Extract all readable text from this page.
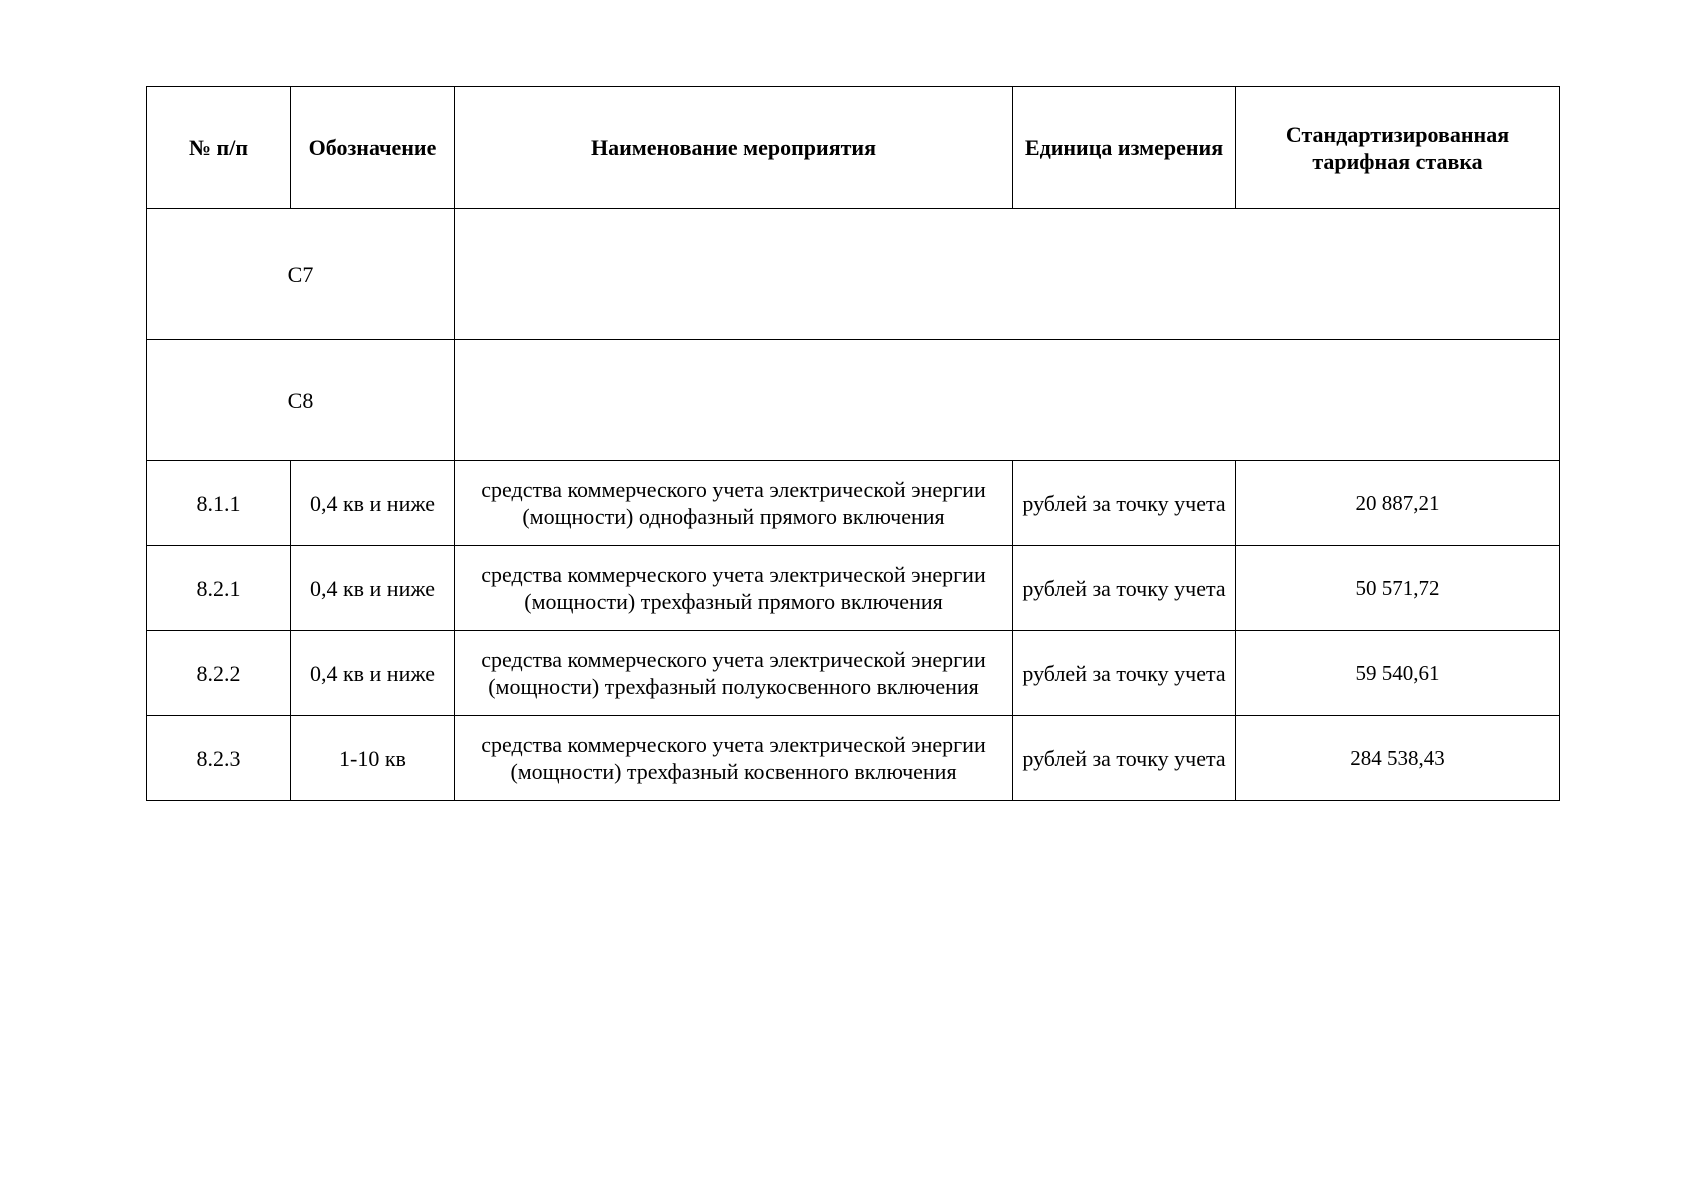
№ п/п	Обозначение	Наименование мероприятия	Единица измерения	Стандартизированная тарифная ставка
С7				
С8				
8.1.1	0,4 кв и ниже	средства коммерческого учета электрической энергии (мощности) однофазный прямого включения	рублей за точку учета	20 887,21
8.2.1	0,4 кв и ниже	средства коммерческого учета электрической энергии (мощности) трехфазный прямого включения	рублей за точку учета	50 571,72
8.2.2	0,4 кв и ниже	средства коммерческого учета электрической энергии (мощности) трехфазный полукосвенного включения	рублей за точку учета	59 540,61
8.2.3	1-10 кв	средства коммерческого учета электрической энергии (мощности) трехфазный косвенного включения	рублей за точку учета	284 538,43
